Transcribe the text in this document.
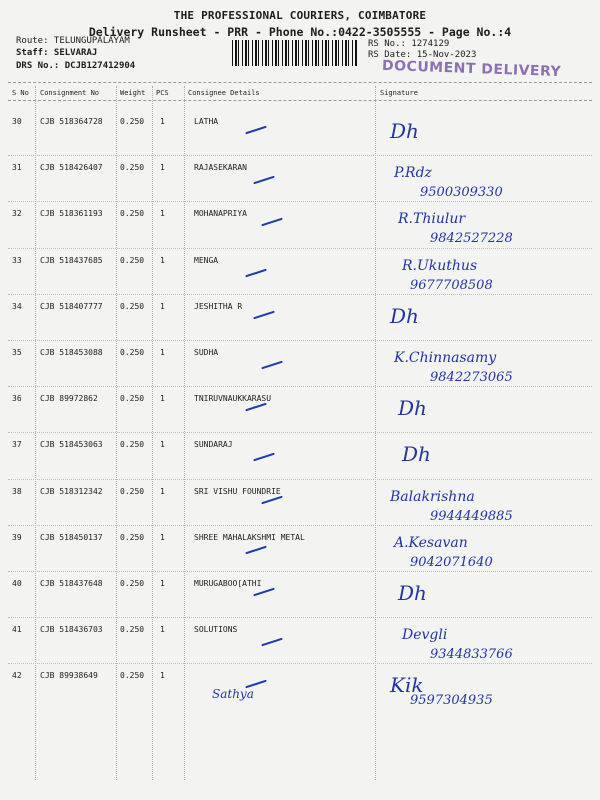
THE PROFESSIONAL COURIERS, COIMBATORE
Delivery Runsheet - PRR - Phone No.:0422-3505555 - Page No.:4
Route: TELUNGUPALAYAM
Staff: SELVARAJ
DRS No.: DCJB127412904
RS No.: 1274129
RS Date: 15-Nov-2023
DOCUMENT DELIVERY
S No Consignment No	Weight PCS	Consignee Details	Signature
30 CJB 518364728 0.250 1	LATHA	Dh
31 CJB 518426407 0.250 1	RAJASEKARAN	P.Rdz
9500309330
32 CJB 518361193 0.250 1	MOHANAPRIYA	R.Thiulur
9842527228
33 CJB 518437685 0.250 1	MENGA	R.Ukuthus
9677708508
34 CJB 518407777 0.250 1	JESHITHA R	Dh
35 CJB 518453088 0.250 1	SUDHA	K.Chinnasamy
9842273065
36 CJB 89972862	0.250 1	TNIRUVNAUKKARASU	Dh
37 CJB 518453063 0.250 1	SUNDARAJ	Dh
38 CJB 518312342 0.250 1	SRI VISHU FOUNDRIE	Balakrishna
9944449885
39 CJB 518450137 0.250 1	SHREE MAHALAKSHMI METAL	A.Kesavan
9042071640
40 CJB 518437648 0.250 1	MURUGABOO[ATHI	Dh
41 CJB 518436703 0.250 1	SOLUTIONS	Devgli
9344833766
42 CJB 89938649	0.250 1
Sathya	Kik
9597304935
